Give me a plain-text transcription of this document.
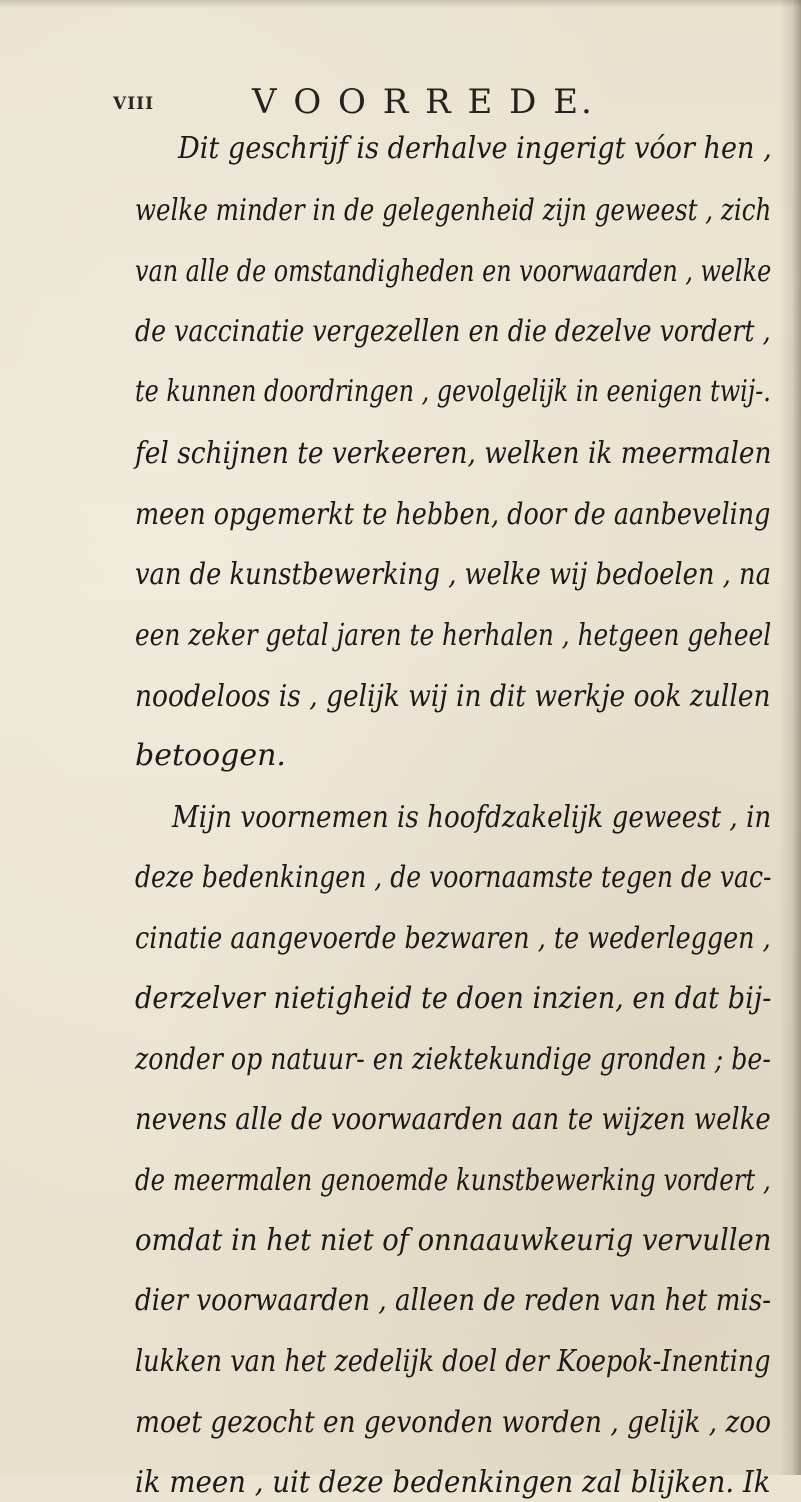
VIII	V O O R R E D E.
Dit geschrijf is derhalve ingerigt vóor hen ,
welke minder in de gelegenheid zijn geweest , zich
van alle de omstandigheden en voorwaarden , welke
de vaccinatie vergezellen en die dezelve vordert ,
te kunnen doordringen , gevolgelijk in eenigen twij-.
fel schijnen te verkeeren, welken ik meermalen
meen opgemerkt te hebben, door de aanbeveling
van de kunstbewerking , welke wij bedoelen , na
een zeker getal jaren te herhalen , hetgeen geheel
noodeloos is , gelijk wij in dit werkje ook zullen
betoogen.
Mijn voornemen is hoofdzakelijk geweest , in
deze bedenkingen , de voornaamste tegen de vac-
cinatie aangevoerde bezwaren , te wederleggen ,
derzelver nietigheid te doen inzien, en dat bij-
zonder op natuur- en ziektekundige gronden ; be-
nevens alle de voorwaarden aan te wijzen welke
de meermalen genoemde kunstbewerking vordert ,
omdat in het niet of onnaauwkeurig vervullen
dier voorwaarden , alleen de reden van het mis-
lukken van het zedelijk doel der Koepok-Inenting
moet gezocht en gevonden worden , gelijk , zoo
ik meen , uit deze bedenkingen zal blijken. Ik
